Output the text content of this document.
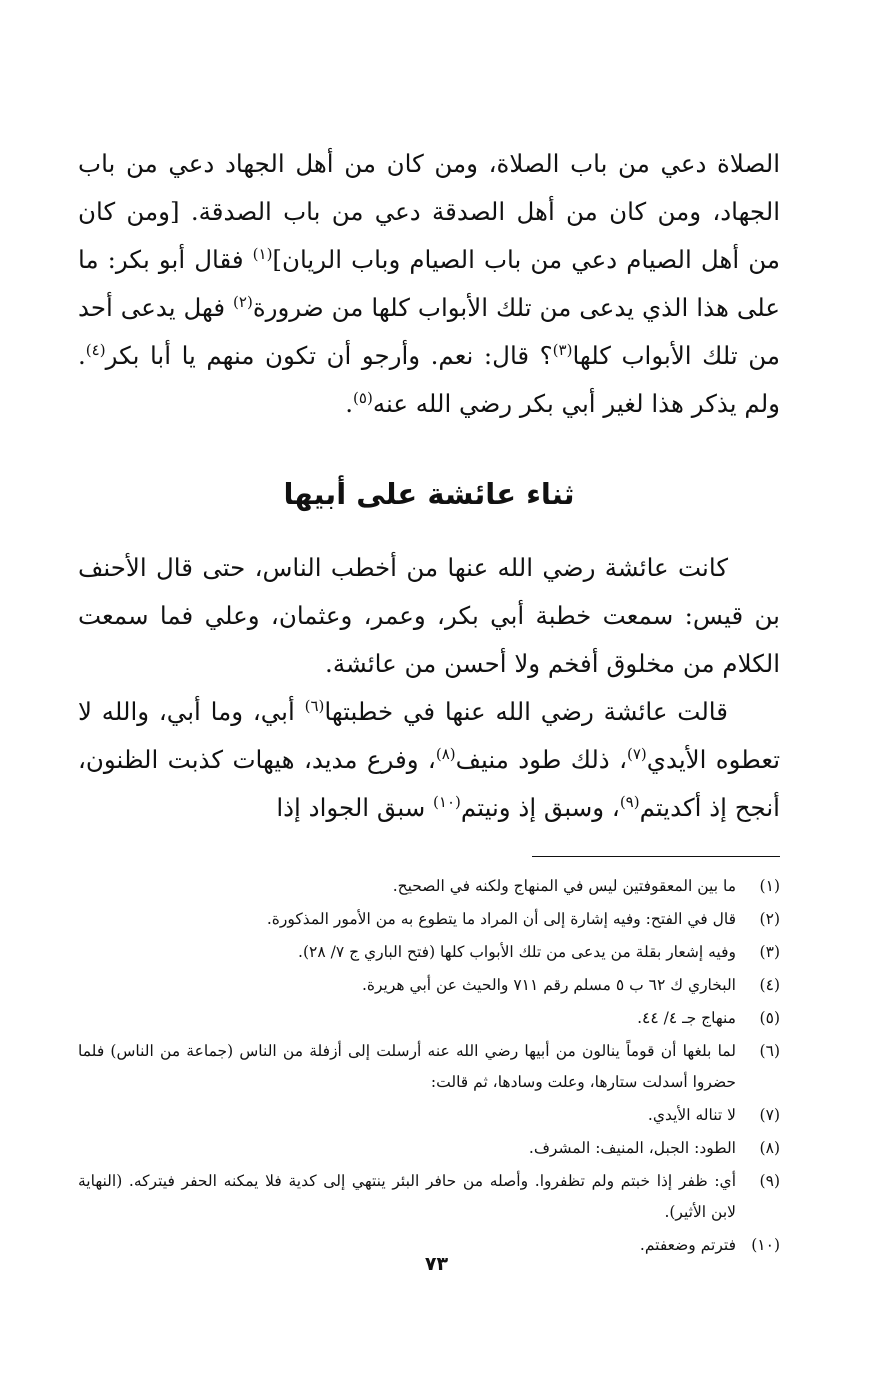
الصلاة دعي من باب الصلاة، ومن كان من أهل الجهاد دعي من باب الجهاد، ومن كان من أهل الصدقة دعي من باب الصدقة. [ومن كان من أهل الصيام دعي من باب الصيام وباب الريان]$^{(١)}$ فقال أبو بكر: ما على هذا الذي يدعى من تلك الأبواب كلها من ضرورة$^{(٢)}$ فهل يدعى أحد من تلك الأبواب كلها$^{(٣)}$؟ قال: نعم. وأرجو أن تكون منهم يا أبا بكر$^{(٤)}$. ولم يذكر هذا لغير أبي بكر رضي الله عنه$^{(٥)}$.

ثناء عائشة على أبيها

كانت عائشة رضي الله عنها من أخطب الناس، حتى قال الأحنف بن قيس: سمعت خطبة أبي بكر، وعمر، وعثمان، وعلي فما سمعت الكلام من مخلوق أفخم ولا أحسن من عائشة.

قالت عائشة رضي الله عنها في خطبتها$^{(٦)}$ أبي، وما أبي، والله لا تعطوه الأيدي$^{(٧)}$، ذلك طود منيف$^{(٨)}$، وفرع مديد، هيهات كذبت الظنون، أنجح إذ أكديتم$^{(٩)}$، وسبق إذ ونيتم$^{(١٠)}$ سبق الجواد إذا

(١)
ما بين المعقوفتين ليس في المنهاج ولكنه في الصحيح.
(٢)
قال في الفتح: وفيه إشارة إلى أن المراد ما يتطوع به من الأمور المذكورة.
(٣)
وفيه إشعار بقلة من يدعى من تلك الأبواب كلها (فتح الباري ج ٧/ ٢٨).
(٤)
البخاري ك ٦٢ ب ٥ مسلم رقم ٧١١ والحيث عن أبي هريرة.
(٥)
منهاج جـ ٤/ ٤٤.
(٦)
لما بلغها أن قوماً ينالون من أبيها رضي الله عنه أرسلت إلى أزفلة من الناس (جماعة من الناس) فلما حضروا أسدلت ستارها، وعلت وسادها، ثم قالت:
(٧)
لا تناله الأيدي.
(٨)
الطود: الجبل، المنيف: المشرف.
(٩)
أي: ظفر إذا خبتم ولم تظفروا. وأصله من حافر البئر ينتهي إلى كدية فلا يمكنه الحفر فيتركه. (النهاية لابن الأثير).
(١٠)
فترتم وضعفتم.
٧٣
